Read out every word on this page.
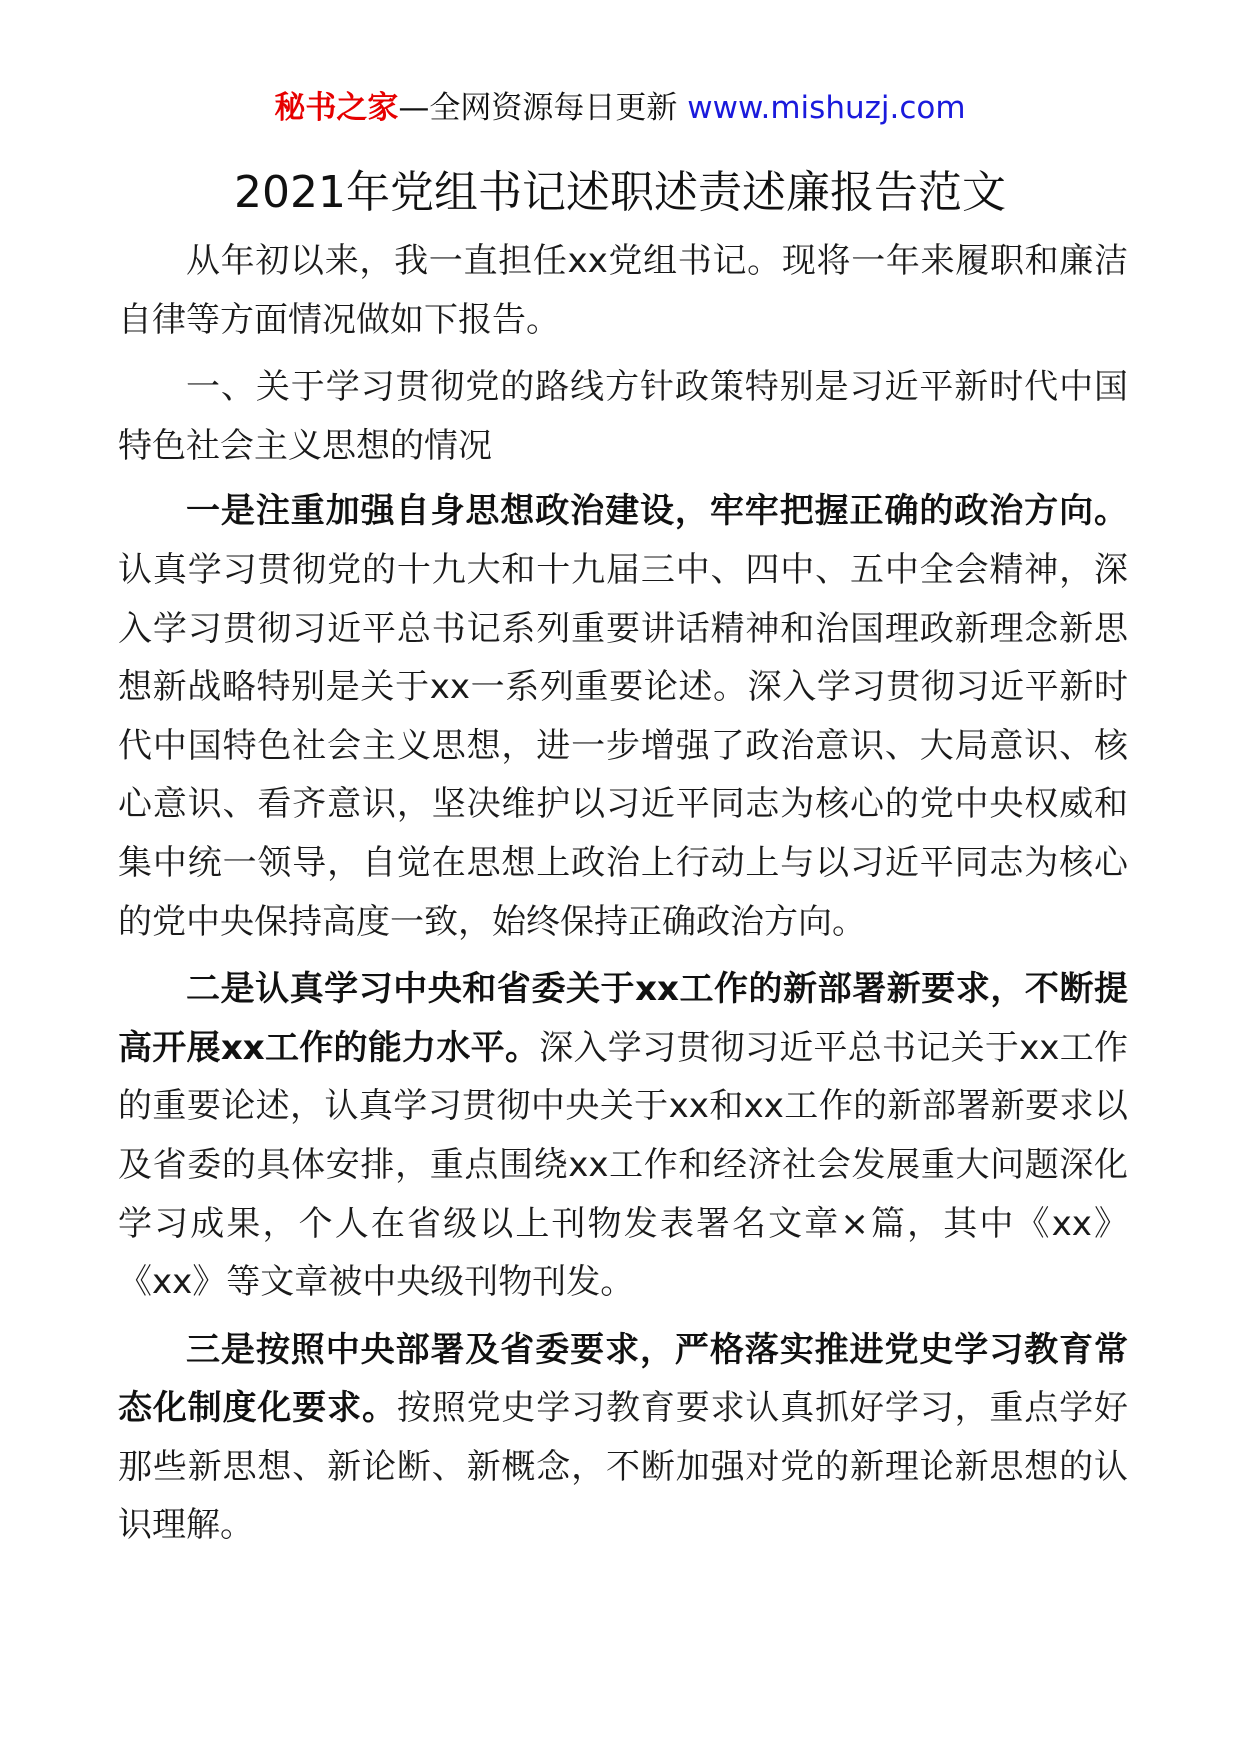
秘书之家—全网资源每日更新 www.mishuzj.com
2021年党组书记述职述责述廉报告范文

从年初以来，我一直担任xx党组书记。现将一年来履职和廉洁自律等方面情况做如下报告。

一、关于学习贯彻党的路线方针政策特别是习近平新时代中国特色社会主义思想的情况

一是注重加强自身思想政治建设，牢牢把握正确的政治方向。认真学习贯彻党的十九大和十九届三中、四中、五中全会精神，深入学习贯彻习近平总书记系列重要讲话精神和治国理政新理念新思想新战略特别是关于xx一系列重要论述。深入学习贯彻习近平新时代中国特色社会主义思想，进一步增强了政治意识、大局意识、核心意识、看齐意识，坚决维护以习近平同志为核心的党中央权威和集中统一领导，自觉在思想上政治上行动上与以习近平同志为核心的党中央保持高度一致，始终保持正确政治方向。

二是认真学习中央和省委关于xx工作的新部署新要求，不断提高开展xx工作的能力水平。深入学习贯彻习近平总书记关于xx工作的重要论述，认真学习贯彻中央关于xx和xx工作的新部署新要求以及省委的具体安排，重点围绕xx工作和经济社会发展重大问题深化学习成果，个人在省级以上刊物发表署名文章×篇，其中《xx》《xx》等文章被中央级刊物刊发。

三是按照中央部署及省委要求，严格落实推进党史学习教育常态化制度化要求。按照党史学习教育要求认真抓好学习，重点学好那些新思想、新论断、新概念，不断加强对党的新理论新思想的认识理解。
